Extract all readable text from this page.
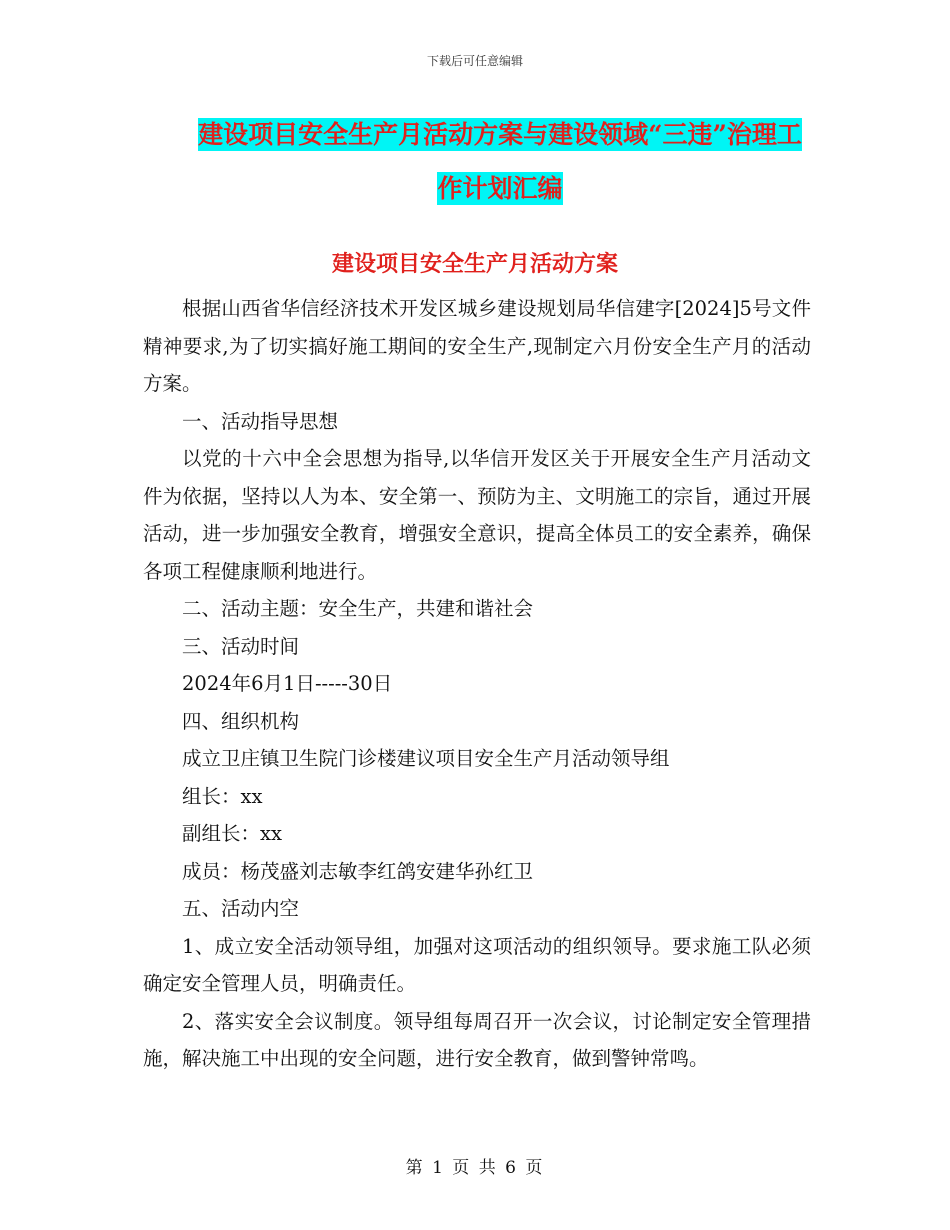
下载后可任意编辑
建设项目安全生产月活动方案与建设领域“三违”治理工作计划汇编
建设项目安全生产月活动方案

根据山西省华信经济技术开发区城乡建设规划局华信建字[2024]5号文件精神要求,为了切实搞好施工期间的安全生产,现制定六月份安全生产月的活动方案。

一、活动指导思想

以党的十六中全会思想为指导,以华信开发区关于开展安全生产月活动文件为依据，坚持以人为本、安全第一、预防为主、文明施工的宗旨，通过开展活动，进一步加强安全教育，增强安全意识，提高全体员工的安全素养，确保各项工程健康顺利地进行。

二、活动主题：安全生产，共建和谐社会

三、活动时间

2024年6月1日-----30日

四、组织机构

成立卫庄镇卫生院门诊楼建议项目安全生产月活动领导组

组长：xx

副组长：xx

成员：杨茂盛刘志敏李红鸽安建华孙红卫

五、活动内空

1、成立安全活动领导组，加强对这项活动的组织领导。要求施工队必须确定安全管理人员，明确责任。

2、落实安全会议制度。领导组每周召开一次会议，讨论制定安全管理措施，解决施工中出现的安全问题，进行安全教育，做到警钟常鸣。

第 1 页 共 6 页
